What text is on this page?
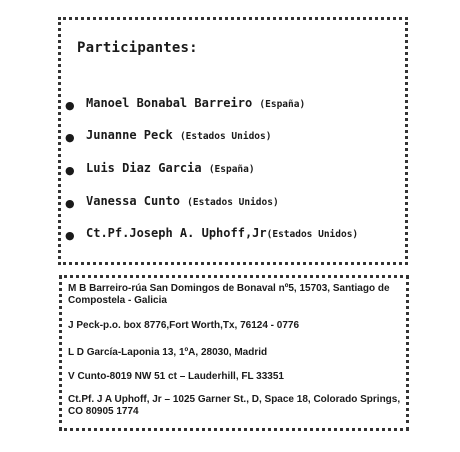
Participantes:
● Manoel Bonabal Barreiro (España)
● Junanne Peck (Estados Unidos)
● Luis Diaz Garcia (España)
● Vanessa Cunto (Estados Unidos)
● Ct.Pf.Joseph A. Uphoff,Jr(Estados Unidos)
M B Barreiro-rúa San Domingos de Bonaval nº5, 15703, Santiago de Compostela - Galicia
J Peck-p.o. box 8776,Fort Worth,Tx, 76124 - 0776
L D García-Laponia 13, 1ºA, 28030, Madrid
V Cunto-8019 NW 51 ct – Lauderhill, FL 33351
Ct.Pf. J A Uphoff, Jr – 1025 Garner St., D, Space 18, Colorado Springs, CO 80905 1774
